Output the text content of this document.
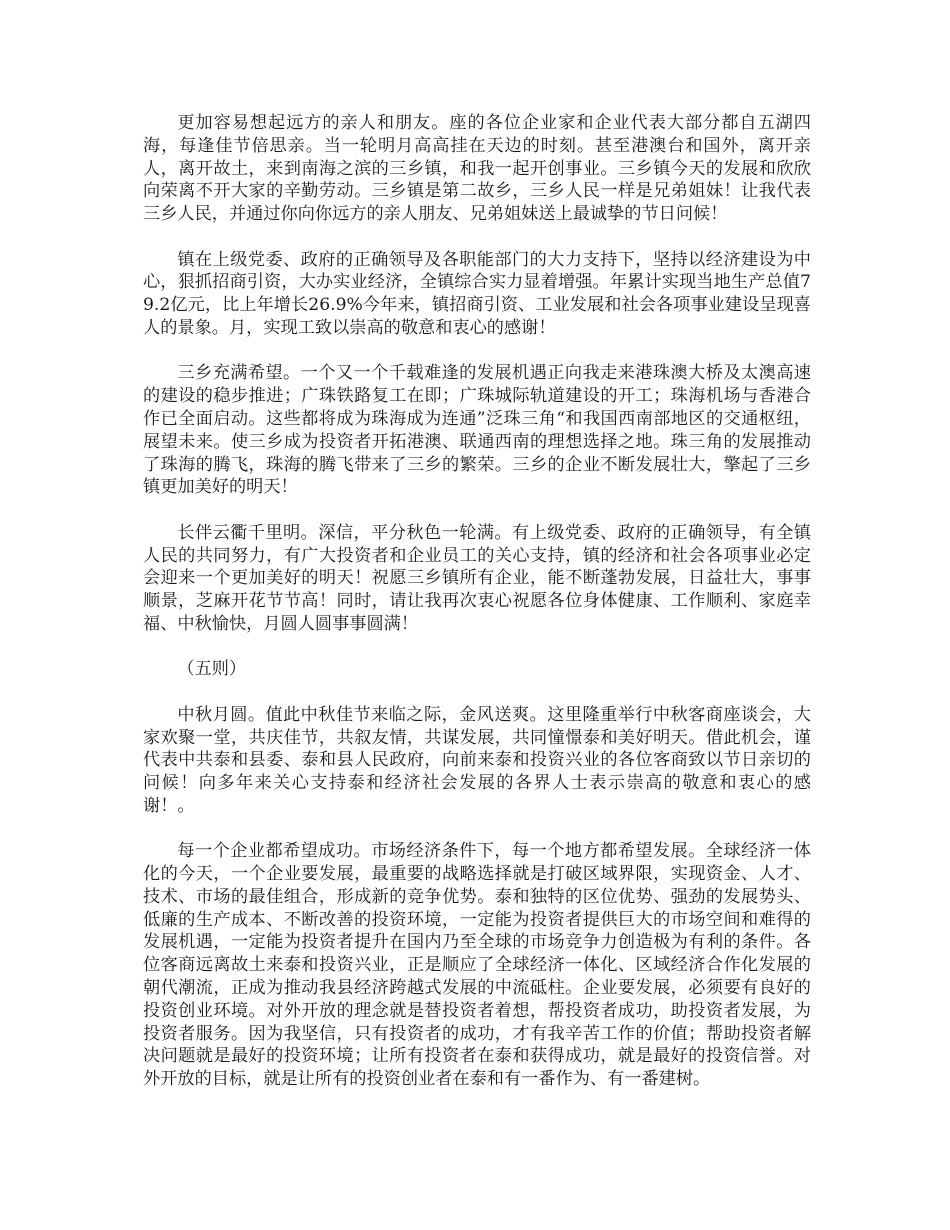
更加容易想起远方的亲人和朋友。座的各位企业家和企业代表大部分都自五湖四海，每逢佳节倍思亲。当一轮明月高高挂在天边的时刻。甚至港澳台和国外，离开亲人，离开故土，来到南海之滨的三乡镇，和我一起开创事业。三乡镇今天的发展和欣欣向荣离不开大家的辛勤劳动。三乡镇是第二故乡，三乡人民一样是兄弟姐妹！让我代表三乡人民，并通过你向你远方的亲人朋友、兄弟姐妹送上最诚挚的节日问候！

镇在上级党委、政府的正确领导及各职能部门的大力支持下，坚持以经济建设为中心，狠抓招商引资，大办实业经济，全镇综合实力显着增强。年累计实现当地生产总值79.2亿元，比上年增长26.9%今年来，镇招商引资、工业发展和社会各项事业建设呈现喜人的景象。月，实现工致以崇高的敬意和衷心的感谢！

三乡充满希望。一个又一个千载难逢的发展机遇正向我走来港珠澳大桥及太澳高速的建设的稳步推进；广珠铁路复工在即；广珠城际轨道建设的开工；珠海机场与香港合作已全面启动。这些都将成为珠海成为连通”泛珠三角“和我国西南部地区的交通枢纽，展望未来。使三乡成为投资者开拓港澳、联通西南的理想选择之地。珠三角的发展推动了珠海的腾飞，珠海的腾飞带来了三乡的繁荣。三乡的企业不断发展壮大，擎起了三乡镇更加美好的明天！

长伴云衢千里明。深信，平分秋色一轮满。有上级党委、政府的正确领导，有全镇人民的共同努力，有广大投资者和企业员工的关心支持，镇的经济和社会各项事业必定会迎来一个更加美好的明天！祝愿三乡镇所有企业，能不断蓬勃发展，日益壮大，事事顺景，芝麻开花节节高！同时，请让我再次衷心祝愿各位身体健康、工作顺利、家庭幸福、中秋愉快，月圆人圆事事圆满！

（五则）

中秋月圆。值此中秋佳节来临之际，金风送爽。这里隆重举行中秋客商座谈会，大家欢聚一堂，共庆佳节，共叙友情，共谋发展，共同憧憬泰和美好明天。借此机会，谨代表中共泰和县委、泰和县人民政府，向前来泰和投资兴业的各位客商致以节日亲切的问候！向多年来关心支持泰和经济社会发展的各界人士表示崇高的敬意和衷心的感谢！。

每一个企业都希望成功。市场经济条件下，每一个地方都希望发展。全球经济一体化的今天，一个企业要发展，最重要的战略选择就是打破区域界限，实现资金、人才、技术、市场的最佳组合，形成新的竞争优势。泰和独特的区位优势、强劲的发展势头、低廉的生产成本、不断改善的投资环境，一定能为投资者提供巨大的市场空间和难得的发展机遇，一定能为投资者提升在国内乃至全球的市场竞争力创造极为有利的条件。各位客商远离故土来泰和投资兴业，正是顺应了全球经济一体化、区域经济合作化发展的朝代潮流，正成为推动我县经济跨越式发展的中流砥柱。企业要发展，必须要有良好的投资创业环境。对外开放的理念就是替投资者着想，帮投资者成功，助投资者发展，为投资者服务。因为我坚信，只有投资者的成功，才有我辛苦工作的价值；帮助投资者解决问题就是最好的投资环境；让所有投资者在泰和获得成功，就是最好的投资信誉。对外开放的目标，就是让所有的投资创业者在泰和有一番作为、有一番建树。
